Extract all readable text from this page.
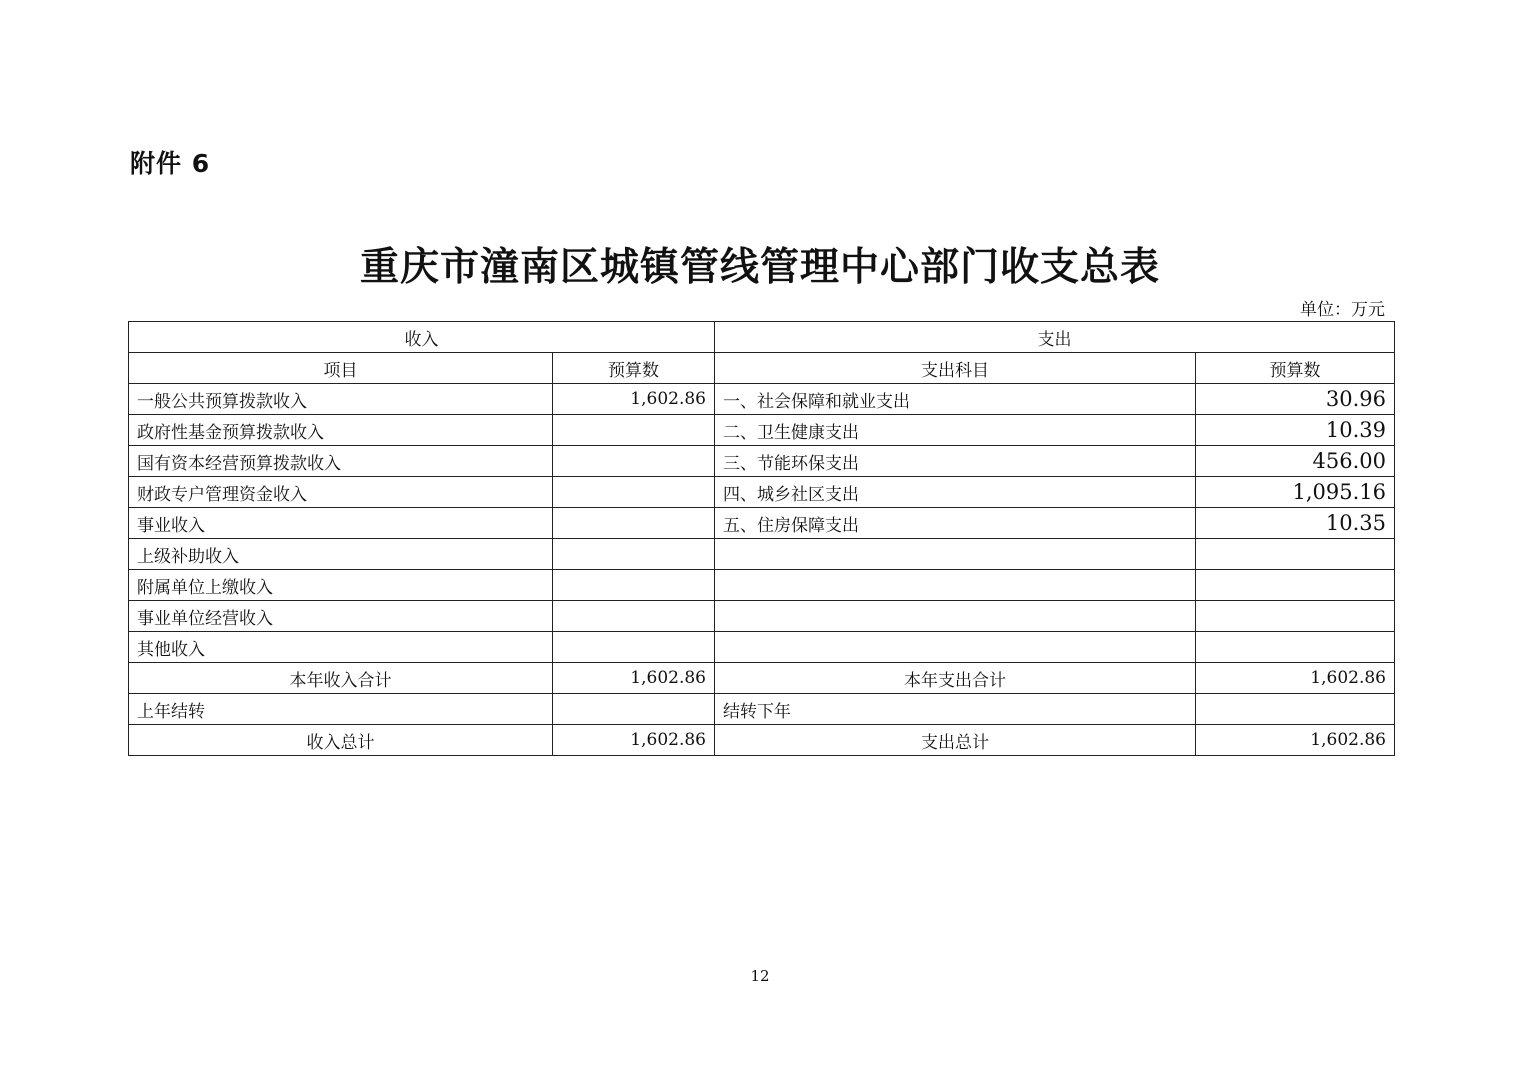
附件 6
重庆市潼南区城镇管线管理中心部门收支总表
单位：万元
收入		支出	
项目	预算数	支出科目	预算数
一般公共预算拨款收入	1,602.86	一、社会保障和就业支出	30.96
政府性基金预算拨款收入		二、卫生健康支出	10.39
国有资本经营预算拨款收入		三、节能环保支出	456.00
财政专户管理资金收入		四、城乡社区支出	1,095.16
事业收入		五、住房保障支出	10.35
上级补助收入			
附属单位上缴收入			
事业单位经营收入			
其他收入			
本年收入合计	1,602.86	本年支出合计	1,602.86
上年结转		结转下年	
收入总计	1,602.86	支出总计	1,602.86
12
